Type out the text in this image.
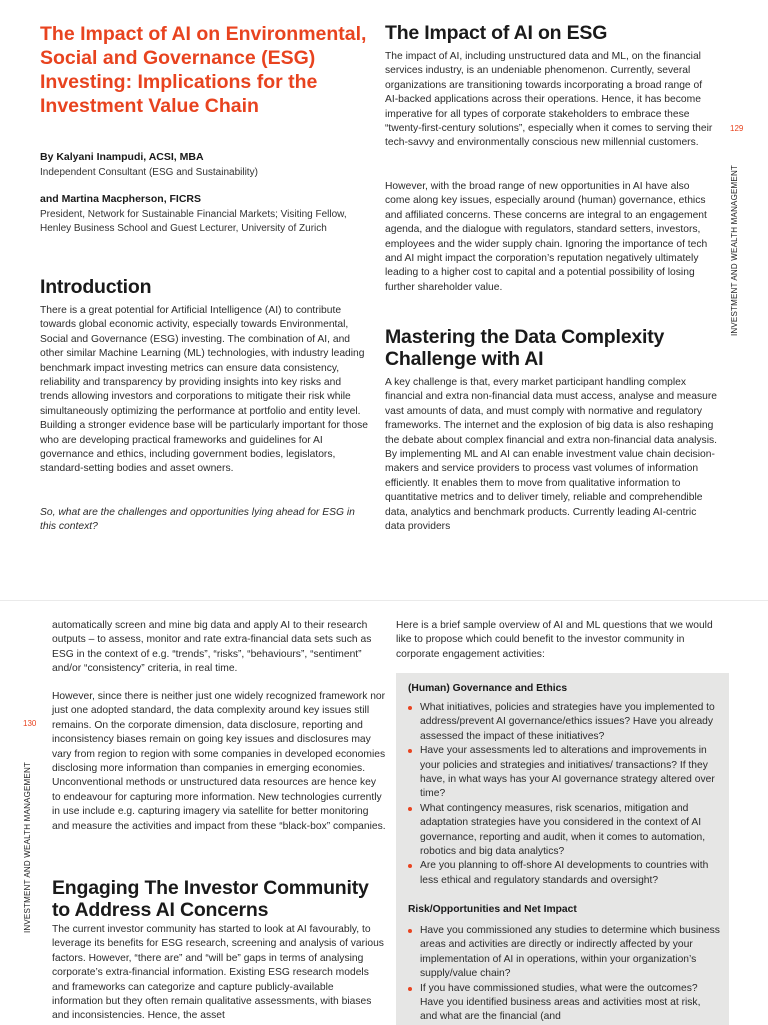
The Impact of AI on Environmental, Social and Governance (ESG) Investing: Implications for the Investment Value Chain
By Kalyani Inampudi, ACSI, MBA
Independent Consultant (ESG and Sustainability)
and Martina Macpherson, FICRS
President, Network for Sustainable Financial Markets; Visiting Fellow, Henley Business School and Guest Lecturer, University of Zurich
Introduction

There is a great potential for Artificial Intelligence (AI) to contribute towards global economic activity, especially towards Environmental, Social and Governance (ESG) investing. The combination of AI, and other similar Machine Learning (ML) technologies, with industry leading benchmark impact investing metrics can ensure data consistency, reliability and transparency by providing insights into key risks and trends allowing investors and corporations to mitigate their risk while simultaneously optimizing the performance at portfolio and entity level. Building a stronger evidence base will be particularly important for those who are developing practical frameworks and guidelines for AI governance and ethics, including government bodies, legislators, standard-setting bodies and asset owners.

So, what are the challenges and opportunities lying ahead for ESG in this context?

The Impact of AI on ESG

The impact of AI, including unstructured data and ML, on the financial services industry, is an undeniable phenomenon. Currently, several organizations are transitioning towards incorporating a broad range of AI-backed applications across their operations. Hence, it has become imperative for all types of corporate stakeholders to embrace these “twenty-first-century solutions”, especially when it comes to serving their tech-savvy and environmentally conscious new millennial customers.

However, with the broad range of new opportunities in AI have also come along key issues, especially around (human) governance, ethics and affiliated concerns. These concerns are integral to an engagement agenda, and the dialogue with regulators, standard setters, investors, employees and the wider supply chain. Ignoring the importance of tech and AI might impact the corporation’s reputation negatively ultimately leading to a higher cost to capital and a potential possibility of losing further shareholder value.

Mastering the Data Complexity Challenge with AI

A key challenge is that, every market participant handling complex financial and extra non-financial data must access, analyse and measure vast amounts of data, and must comply with normative and regulatory frameworks. The internet and the explosion of big data is also reshaping the debate about complex financial and extra non-financial data analysis. By implementing ML and AI can enable investment value chain decision-makers and service providers to process vast volumes of information efficiently. It enables them to move from qualitative information to quantitative metrics and to deliver timely, reliable and comprehendible data, analytics and benchmark products. Currently leading AI-centric data providers

129
INVESTMENT AND WEALTH MANAGEMENT

automatically screen and mine big data and apply AI to their research outputs – to assess, monitor and rate extra-financial data sets such as ESG in the context of e.g. “trends”, “risks”, “behaviours”, “sentiment” and/or “consistency” criteria, in real time.

However, since there is neither just one widely recognized framework nor just one adopted standard, the data complexity around key issues still remains. On the corporate dimension, data disclosure, reporting and inconsistency biases remain on going key issues and disclosures may vary from region to region with some companies in developed economies disclosing more information than companies in emerging economies. Unconventional methods or unstructured data resources are hence key to endeavour for capturing more information. New technologies currently in use include e.g. capturing imagery via satellite for better monitoring and measure the activities and impact from these “black-box” companies.

Engaging The Investor Community to Address AI Concerns

The current investor community has started to look at AI favourably, to leverage its benefits for ESG research, screening and analysis of various factors. However, “there are” and “will be” gaps in terms of analysing corporate’s extra-financial information. Existing ESG research models and frameworks can categorize and capture publicly-available information but they often remain qualitative assessments, with biases and inconsistencies. Hence, the asset

Here is a brief sample overview of AI and ML questions that we would like to propose which could benefit to the investor community in corporate engagement activities:

(Human) Governance and Ethics
What initiatives, policies and strategies have you implemented to address/prevent AI governance/ethics issues? Have you already assessed the impact of these initiatives?
Have your assessments led to alterations and improvements in your policies and strategies and initiatives/ transactions? If they have, in what ways has your AI governance strategy altered over time?
What contingency measures, risk scenarios, mitigation and adaptation strategies have you considered in the context of AI governance, reporting and audit, when it comes to automation, robotics and big data analytics?
Are you planning to off-shore AI developments to countries with less ethical and regulatory standards and oversight?
Risk/Opportunities and Net Impact
Have you commissioned any studies to determine which business areas and activities are directly or indirectly affected by your implementation of AI in operations, within your organization’s supply/value chain?
If you have commissioned studies, what were the outcomes? Have you identified business areas and activities most at risk, and what are the financial (and
130
INVESTMENT AND WEALTH MANAGEMENT
